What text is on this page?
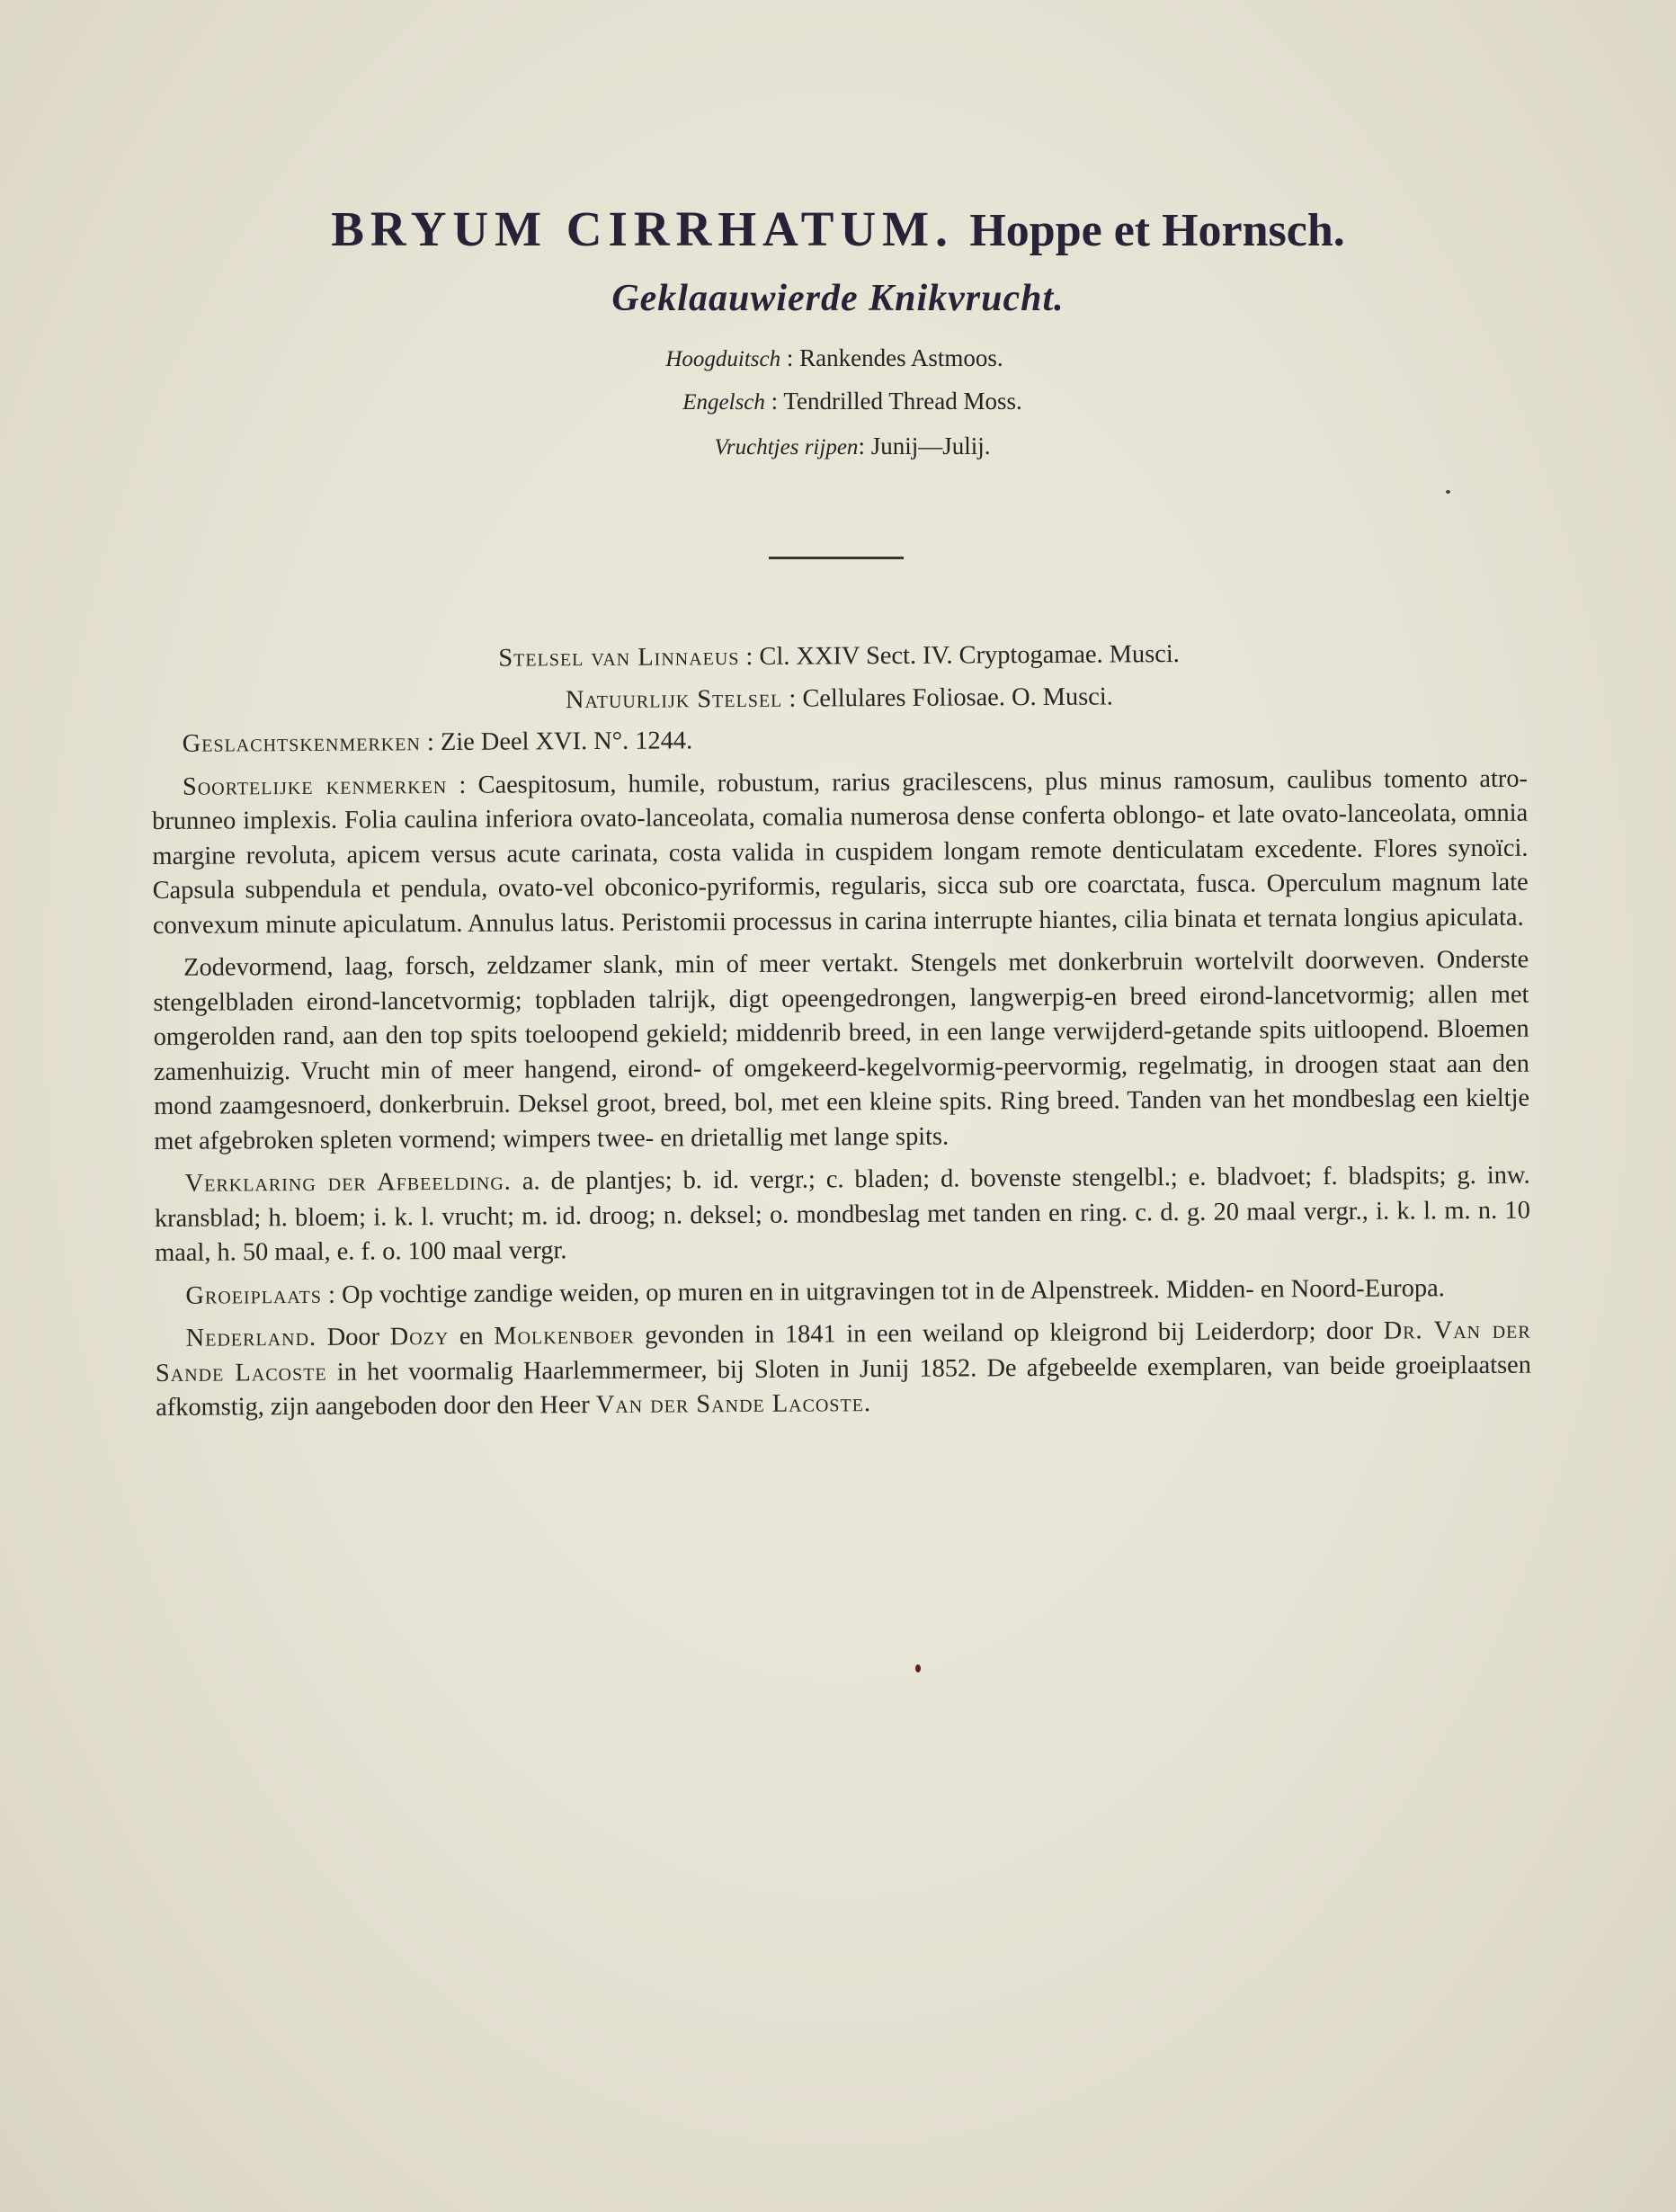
BRYUM CIRRHATUM. Hoppe et Hornsch.
Geklaauwierde Knikvrucht.
Hoogduitsch : Rankendes Astmoos.
Engelsch : Tendrilled Thread Moss.
Vruchtjes rijpen: Junij—Julij.

Stelsel van Linnaeus : Cl. XXIV Sect. IV. Cryptogamae. Musci.

Natuurlijk Stelsel : Cellulares Foliosae. O. Musci.

Geslachtskenmerken : Zie Deel XVI. N°. 1244.

Soortelijke kenmerken : Caespitosum, humile, robustum, rarius gracilescens, plus minus ramosum, caulibus tomento atro-brunneo implexis. Folia caulina inferiora ovato-lanceolata, comalia numerosa dense conferta oblongo- et late ovato-lanceolata, omnia margine revoluta, apicem versus acute carinata, costa valida in cuspidem longam remote denticulatam excedente. Flores synoïci. Capsula subpendula et pendula, ovato-vel obconico-pyriformis, regularis, sicca sub ore coarctata, fusca. Operculum magnum late convexum minute apiculatum. Annulus latus. Peristomii processus in carina interrupte hiantes, cilia binata et ternata longius apiculata.

Zodevormend, laag, forsch, zeldzamer slank, min of meer vertakt. Stengels met donkerbruin wortelvilt doorweven. Onderste stengelbladen eirond-lancetvormig; topbladen talrijk, digt opeengedrongen, langwerpig-en breed eirond-lancetvormig; allen met omgerolden rand, aan den top spits toeloopend gekield; middenrib breed, in een lange verwijderd-getande spits uitloopend. Bloemen zamenhuizig. Vrucht min of meer hangend, eirond- of omgekeerd-kegelvormig-peervormig, regelmatig, in droogen staat aan den mond zaamgesnoerd, donkerbruin. Deksel groot, breed, bol, met een kleine spits. Ring breed. Tanden van het mondbeslag een kieltje met afgebroken spleten vormend; wimpers twee- en drietallig met lange spits.

Verklaring der Afbeelding. a. de plantjes; b. id. vergr.; c. bladen; d. bovenste stengelbl.; e. bladvoet; f. bladspits; g. inw. kransblad; h. bloem; i. k. l. vrucht; m. id. droog; n. deksel; o. mondbeslag met tanden en ring. c. d. g. 20 maal vergr., i. k. l. m. n. 10 maal, h. 50 maal, e. f. o. 100 maal vergr.

Groeiplaats : Op vochtige zandige weiden, op muren en in uitgravingen tot in de Alpenstreek. Midden- en Noord-Europa.

Nederland. Door Dozy en Molkenboer gevonden in 1841 in een weiland op kleigrond bij Leiderdorp; door Dr. Van der Sande Lacoste in het voormalig Haarlemmermeer, bij Sloten in Junij 1852. De afgebeelde exemplaren, van beide groeiplaatsen afkomstig, zijn aangeboden door den Heer Van der Sande Lacoste.
